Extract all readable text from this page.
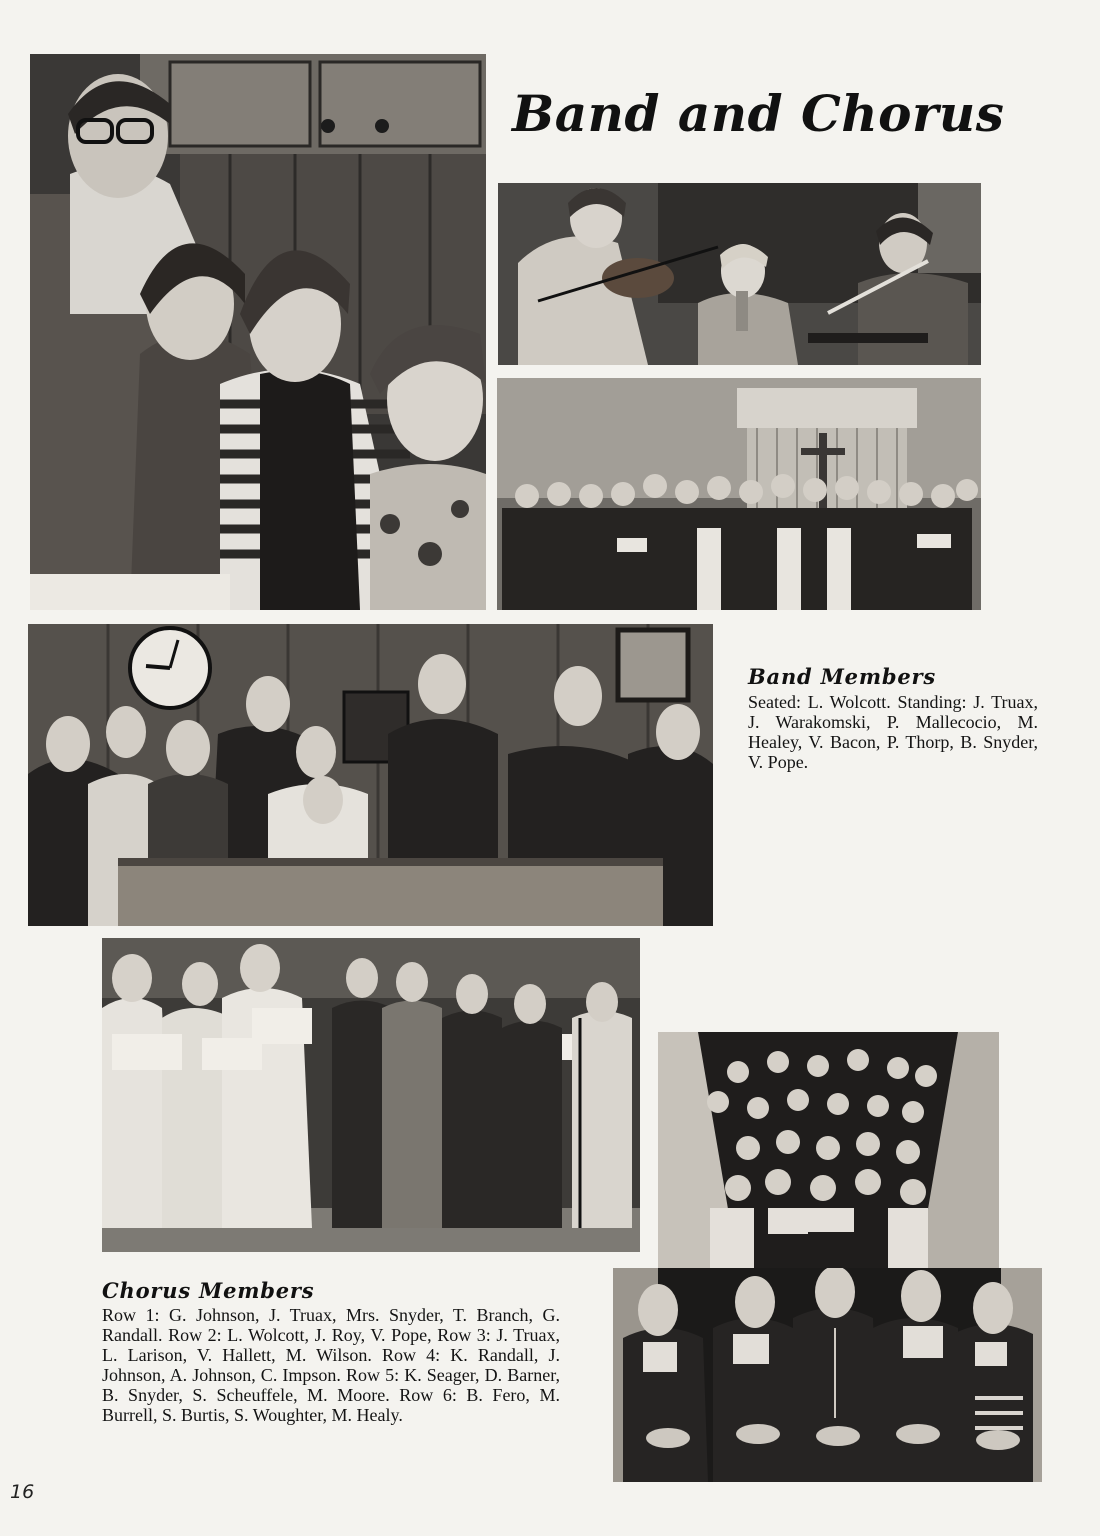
Band and Chorus
Band Members

Seated: L. Wolcott. Standing: J. Truax, J. Warakomski, P. Mallecocio, M. Healey, V. Bacon, P. Thorp, B. Snyder, V. Pope.

Chorus Members

Row 1: G. Johnson, J. Truax, Mrs. Snyder, T. Branch, G. Randall. Row 2: L. Wolcott, J. Roy, V. Pope, Row 3: J. Truax, L. Larison, V. Hallett, M. Wilson. Row 4: K. Randall, J. Johnson, A. Johnson, C. Impson. Row 5: K. Seager, D. Barner, B. Snyder, S. Scheuffele, M. Moore. Row 6: B. Fero, M. Burrell, S. Burtis, S. Woughter, M. Healy.

16
